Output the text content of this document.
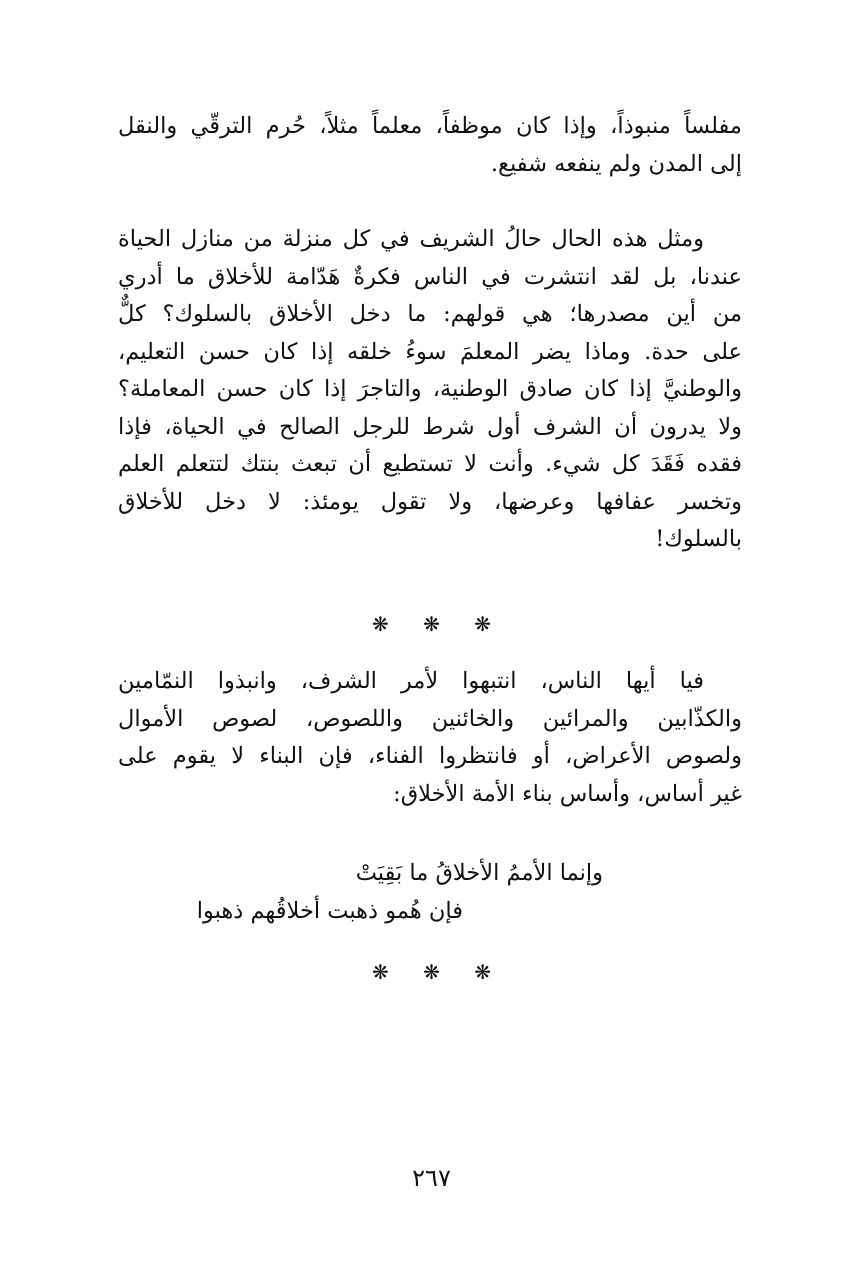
مفلساً منبوذاً، وإذا كان موظفاً، معلماً مثلاً، حُرم الترقّي والنقل
إلى المدن ولم ينفعه شفيع.
ومثل هذه الحال حالُ الشريف في كل منزلة من منازل الحياة
عندنا، بل لقد انتشرت في الناس فكرةٌ هَدّامة للأخلاق ما أدري
من أين مصدرها؛ هي قولهم: ما دخل الأخلاق بالسلوك؟ كلٌّ
على حدة. وماذا يضر المعلمَ سوءُ خلقه إذا كان حسن التعليم،
والوطنيَّ إذا كان صادق الوطنية، والتاجرَ إذا كان حسن المعاملة؟
ولا يدرون أن الشرف أول شرط للرجل الصالح في الحياة، فإذا
فقده فَقَدَ كل شيء. وأنت لا تستطيع أن تبعث بنتك لتتعلم العلم
وتخسر عفافها وعرضها، ولا تقول يومئذ: لا دخل للأخلاق
بالسلوك!
❋ ❋ ❋
فيا أيها الناس، انتبهوا لأمر الشرف، وانبذوا النمّامين
والكذّابين والمرائين والخائنين واللصوص، لصوص الأموال
ولصوص الأعراض، أو فانتظروا الفناء، فإن البناء لا يقوم على
غير أساس، وأساس بناء الأمة الأخلاق:
وإنما الأممُ الأخلاقُ ما بَقِيَتْ
فإن هُمو ذهبت أخلاقُهم ذهبوا
❋ ❋ ❋
٢٦٧
